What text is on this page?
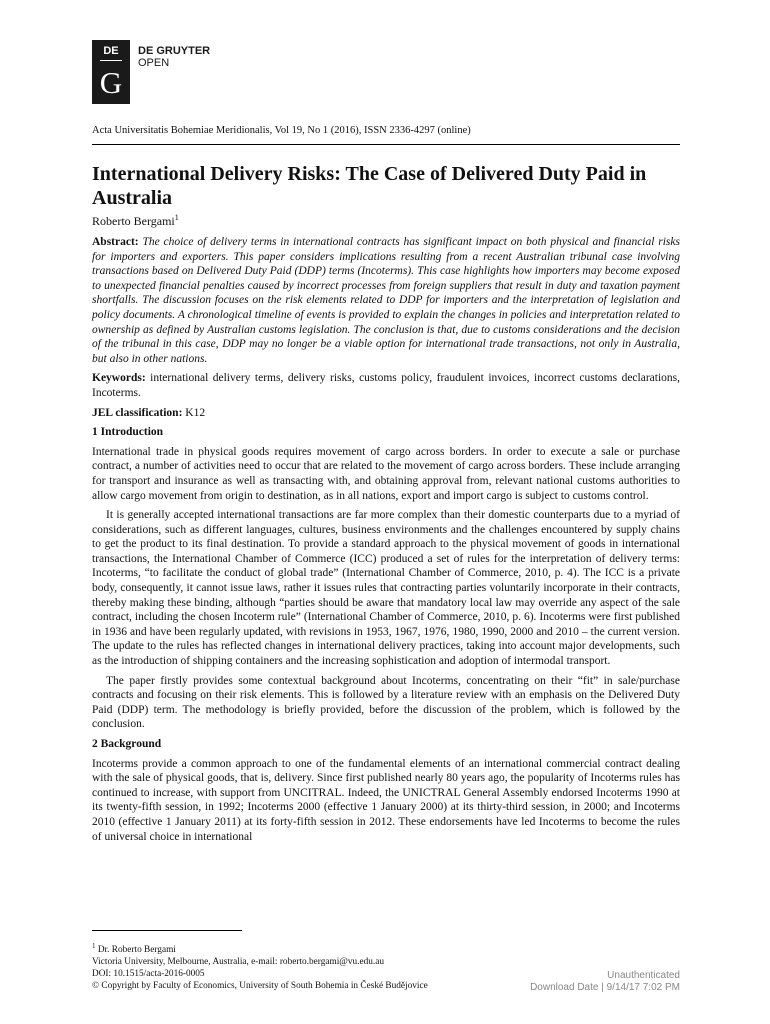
DE
G
DE GRUYTER
OPEN
Acta Universitatis Bohemiae Meridionalis, Vol 19, No 1 (2016), ISSN 2336-4297 (online)
International Delivery Risks: The Case of Delivered Duty Paid in Australia
Roberto Bergami$^1$

Abstract: The choice of delivery terms in international contracts has significant impact on both physical and financial risks for importers and exporters. This paper considers implications resulting from a recent Australian tribunal case involving transactions based on Delivered Duty Paid (DDP) terms (Incoterms). This case highlights how importers may become exposed to unexpected financial penalties caused by incorrect processes from foreign suppliers that result in duty and taxation payment shortfalls. The discussion focuses on the risk elements related to DDP for importers and the interpretation of legislation and policy documents. A chronological timeline of events is provided to explain the changes in policies and interpretation related to ownership as defined by Australian customs legislation. The conclusion is that, due to customs considerations and the decision of the tribunal in this case, DDP may no longer be a viable option for international trade transactions, not only in Australia, but also in other nations.

Keywords: international delivery terms, delivery risks, customs policy, fraudulent invoices, incorrect customs declarations, Incoterms.

JEL classification: K12

1 Introduction

International trade in physical goods requires movement of cargo across borders. In order to execute a sale or purchase contract, a number of activities need to occur that are related to the movement of cargo across borders. These include arranging for transport and insurance as well as transacting with, and obtaining approval from, relevant national customs authorities to allow cargo movement from origin to destination, as in all nations, export and import cargo is subject to customs control.

It is generally accepted international transactions are far more complex than their domestic counterparts due to a myriad of considerations, such as different languages, cultures, business environments and the challenges encountered by supply chains to get the product to its final destination. To provide a standard approach to the physical movement of goods in international transactions, the International Chamber of Commerce (ICC) produced a set of rules for the interpretation of delivery terms: Incoterms, “to facilitate the conduct of global trade” (International Chamber of Commerce, 2010, p. 4). The ICC is a private body, consequently, it cannot issue laws, rather it issues rules that contracting parties voluntarily incorporate in their contracts, thereby making these binding, although “parties should be aware that mandatory local law may override any aspect of the sale contract, including the chosen Incoterm rule” (International Chamber of Commerce, 2010, p. 6). Incoterms were first published in 1936 and have been regularly updated, with revisions in 1953, 1967, 1976, 1980, 1990, 2000 and 2010 – the current version. The update to the rules has reflected changes in international delivery practices, taking into account major developments, such as the introduction of shipping containers and the increasing sophistication and adoption of intermodal transport.

The paper firstly provides some contextual background about Incoterms, concentrating on their “fit” in sale/purchase contracts and focusing on their risk elements. This is followed by a literature review with an emphasis on the Delivered Duty Paid (DDP) term. The methodology is briefly provided, before the discussion of the problem, which is followed by the conclusion.

2 Background

Incoterms provide a common approach to one of the fundamental elements of an international commercial contract dealing with the sale of physical goods, that is, delivery. Since first published nearly 80 years ago, the popularity of Incoterms rules has continued to increase, with support from UNCITRAL. Indeed, the UNICTRAL General Assembly endorsed Incoterms 1990 at its twenty-fifth session, in 1992; Incoterms 2000 (effective 1 January 2000) at its thirty-third session, in 2000; and Incoterms 2010 (effective 1 January 2011) at its forty-fifth session in 2012. These endorsements have led Incoterms to become the rules of universal choice in international

$^1$ Dr. Roberto Bergami
Victoria University, Melbourne, Australia, e-mail: roberto.bergami@vu.edu.au
DOI: 10.1515/acta-2016-0005
© Copyright by Faculty of Economics, University of South Bohemia in České Budějovice
Unauthenticated
Download Date | 9/14/17 7:02 PM
